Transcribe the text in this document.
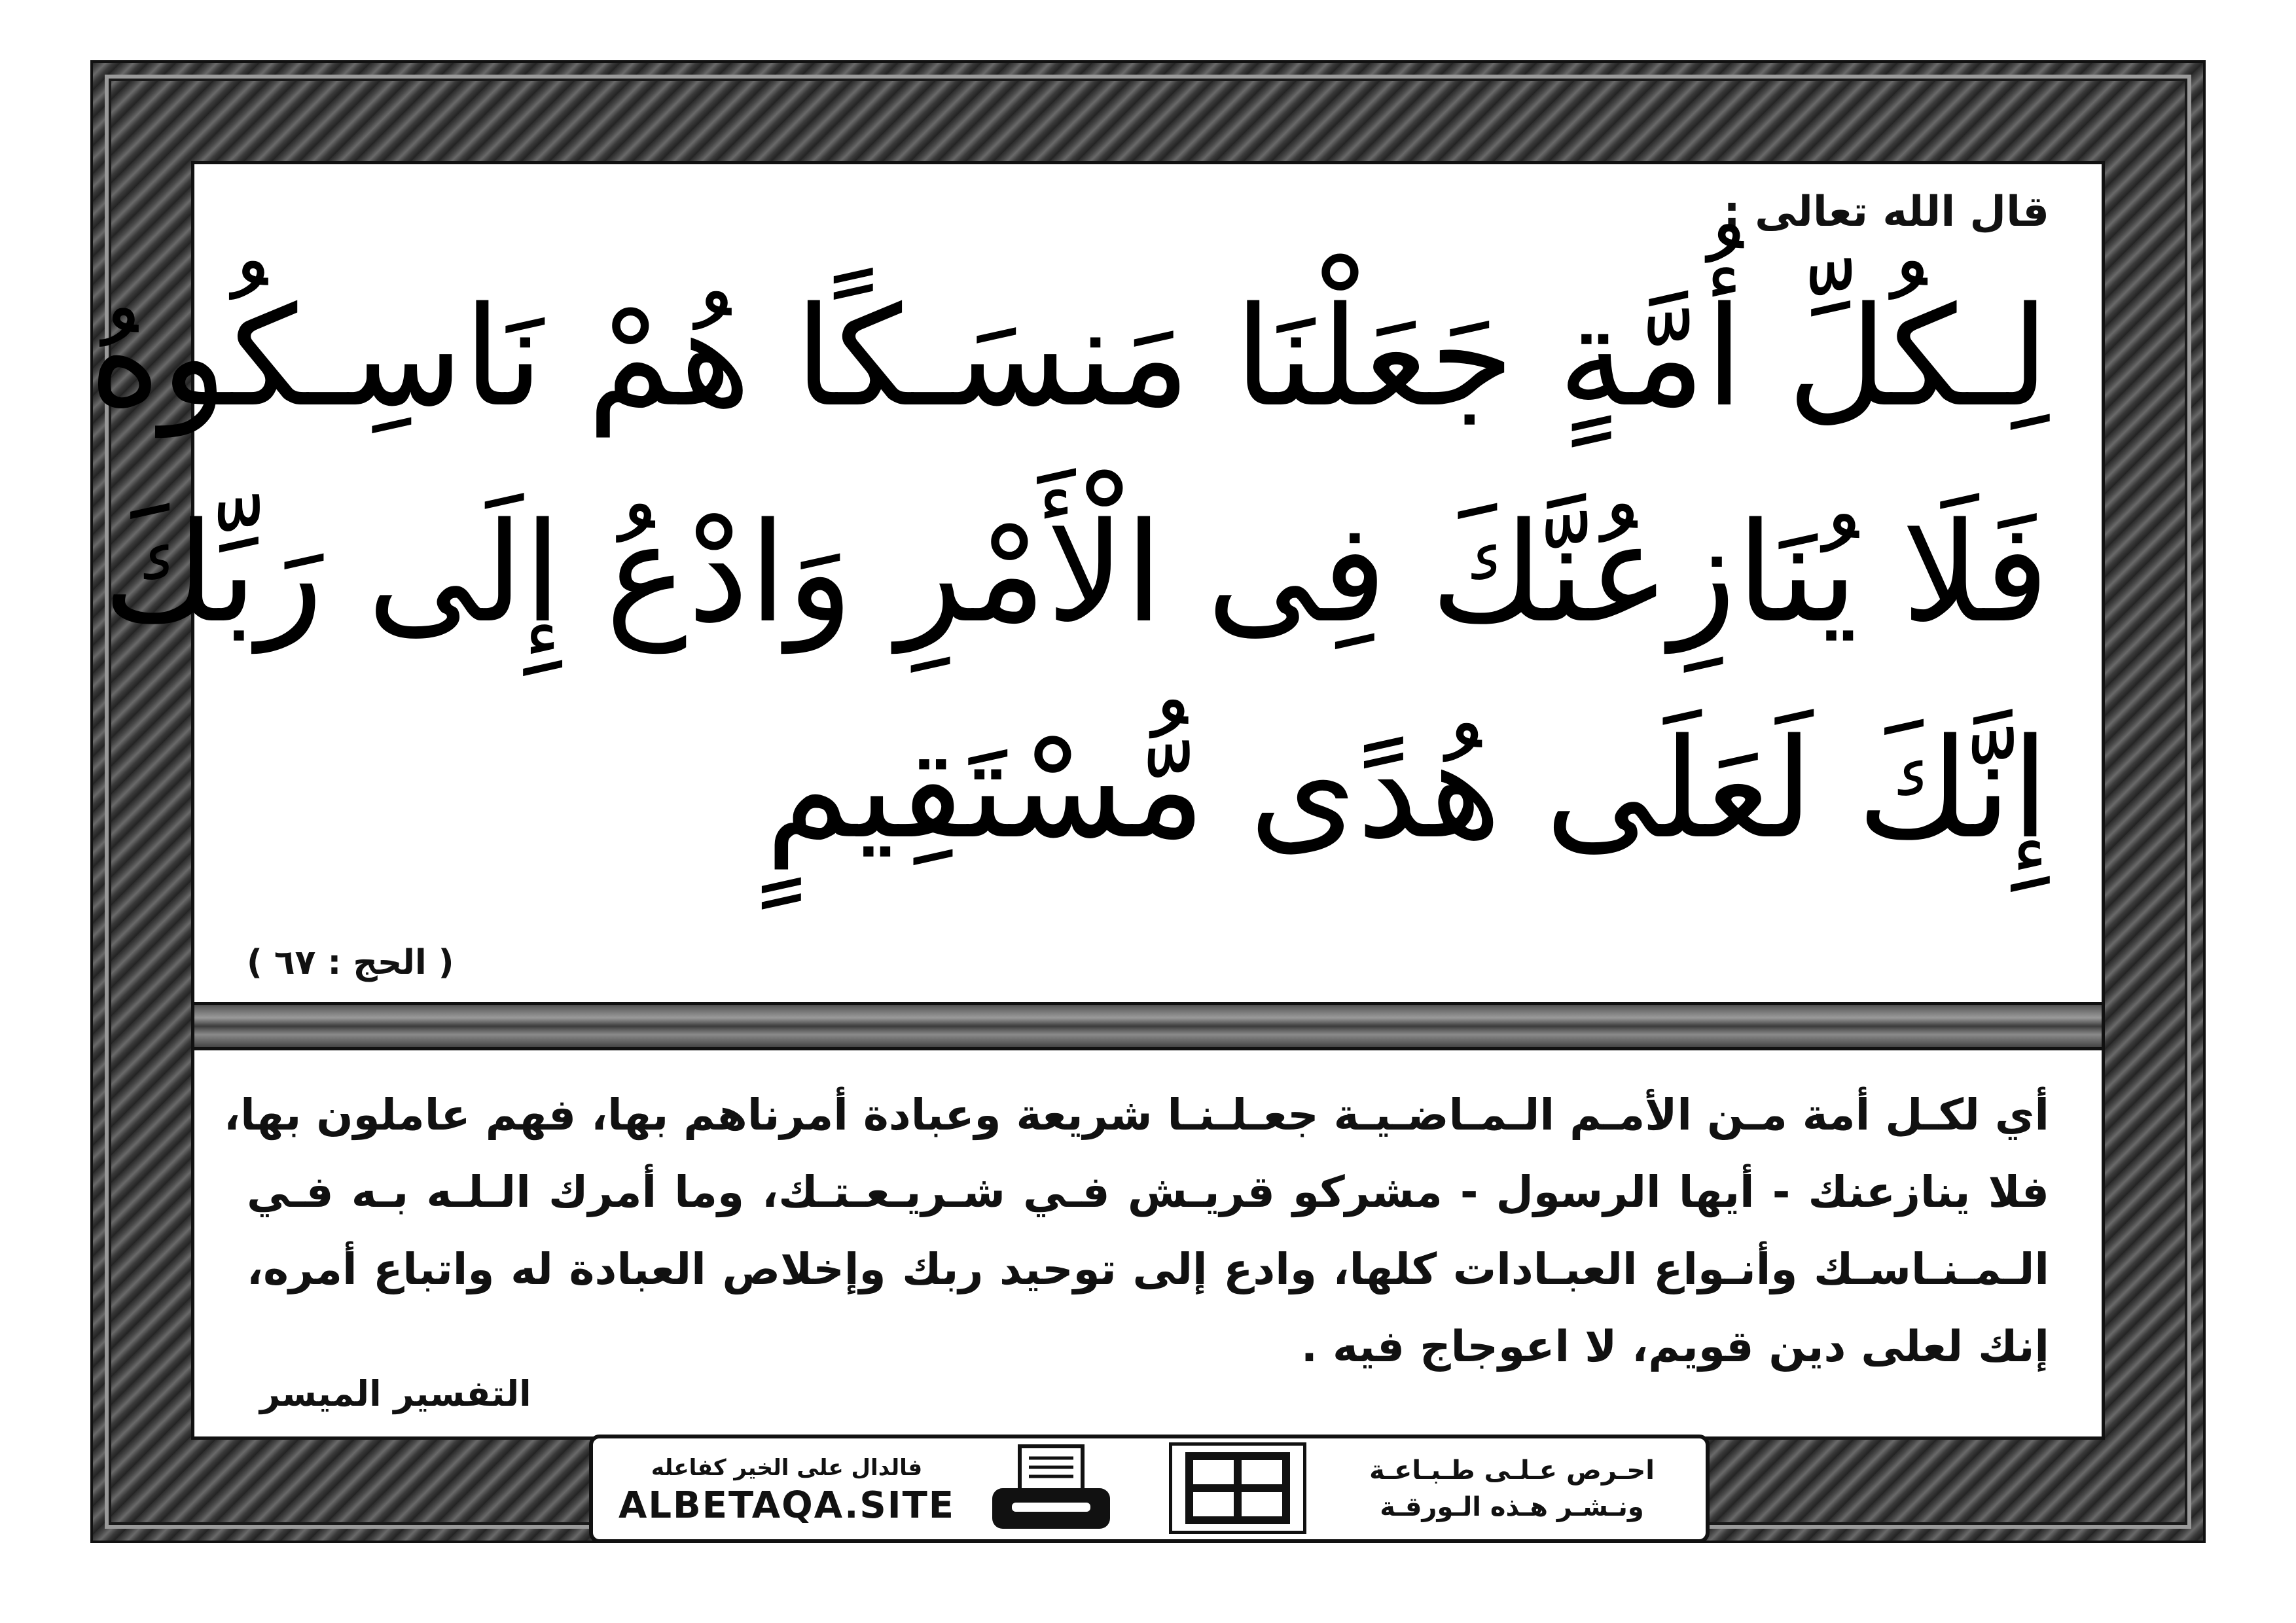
قال الله تعالى :
لِـكُلِّ أُمَّةٍ جَعَلْنَا مَنسَـكًا هُمْ نَاسِـكُوهُ
فَلَا يُنَازِعُنَّكَ فِى الْأَمْرِ وَادْعُ إِلَى رَبِّكَ
إِنَّكَ لَعَلَى هُدًى مُّسْتَقِيمٍ
( الحج : ٦٧ )
أي لكـل أمة مـن الأمـم الـمـاضـيـة جعـلـنـا شريعة وعبادة أمرناهم بها، فهم عاملون بها،
فلا ينازعنك - أيها الرسول - مشركو قريـش فـي شـريـعـتـك، وما أمرك الـلـه بـه فـي
الـمـنـاسـك وأنـواع العبـادات كلها، وادع إلى توحيد ربك وإخلاص العبادة له واتباع أمره،
إنك لعلى دين قويم، لا اعوجاج فيه .
التفسير الميسر
احـرص عـلـى طـبـاعـة
ونـشـر هـذه الـورقـة
فالدال على الخير كفاعله
ALBETAQA.SITE
